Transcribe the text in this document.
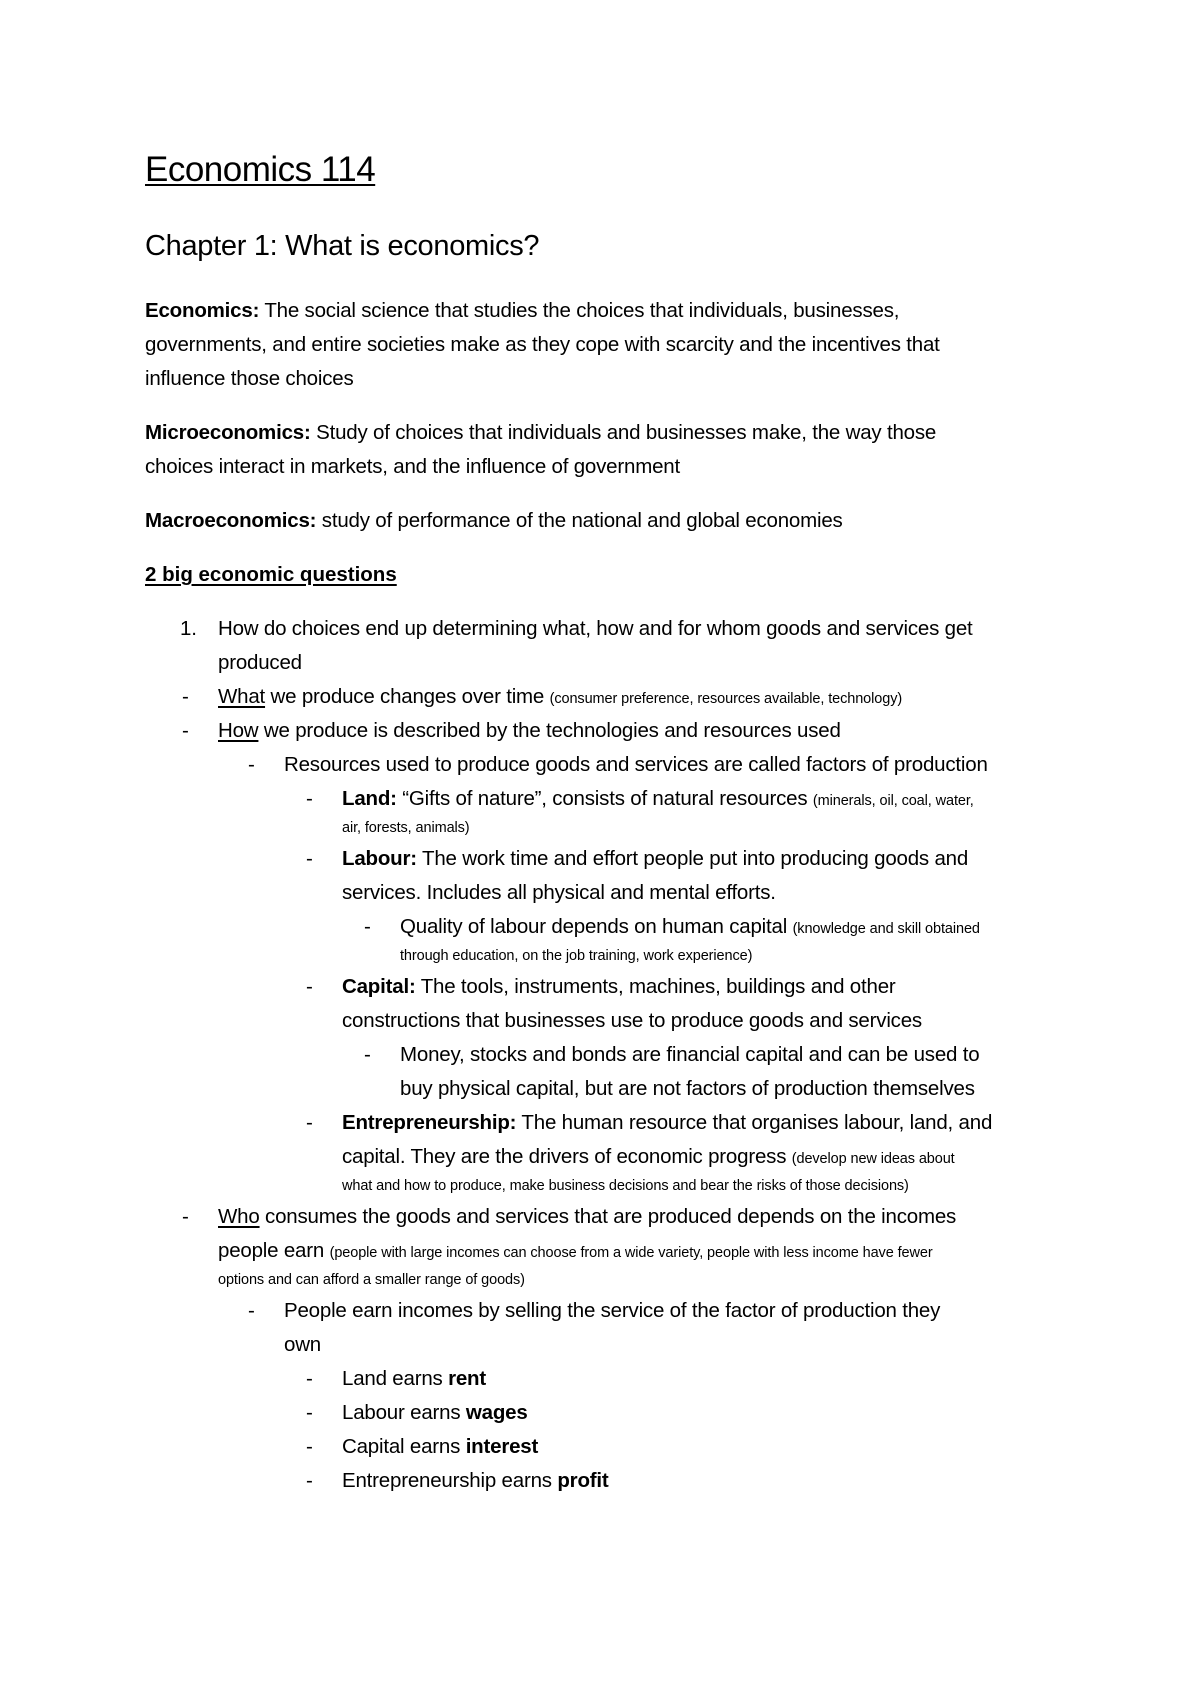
Economics 114
Chapter 1: What is economics?

Economics: The social science that studies the choices that individuals, businesses,
governments, and entire societies make as they cope with scarcity and the incentives that
influence those choices

Microeconomics: Study of choices that individuals and businesses make, the way those
choices interact in markets, and the influence of government

Macroeconomics: study of performance of the national and global economies

2 big economic questions

1. How do choices end up determining what, how and for whom goods and services get
produced
- What we produce changes over time (consumer preference, resources available, technology)
- How we produce is described by the technologies and resources used
- Resources used to produce goods and services are called factors of production
- Land: “Gifts of nature”, consists of natural resources (minerals, oil, coal, water,
air, forests, animals)
- Labour: The work time and effort people put into producing goods and
services. Includes all physical and mental efforts.
- Quality of labour depends on human capital (knowledge and skill obtained
through education, on the job training, work experience)
- Capital: The tools, instruments, machines, buildings and other
constructions that businesses use to produce goods and services
- Money, stocks and bonds are financial capital and can be used to
buy physical capital, but are not factors of production themselves
- Entrepreneurship: The human resource that organises labour, land, and
capital. They are the drivers of economic progress (develop new ideas about
what and how to produce, make business decisions and bear the risks of those decisions)
- Who consumes the goods and services that are produced depends on the incomes
people earn (people with large incomes can choose from a wide variety, people with less income have fewer
options and can afford a smaller range of goods)
- People earn incomes by selling the service of the factor of production they
own
- Land earns rent
- Labour earns wages
- Capital earns interest
- Entrepreneurship earns profit
